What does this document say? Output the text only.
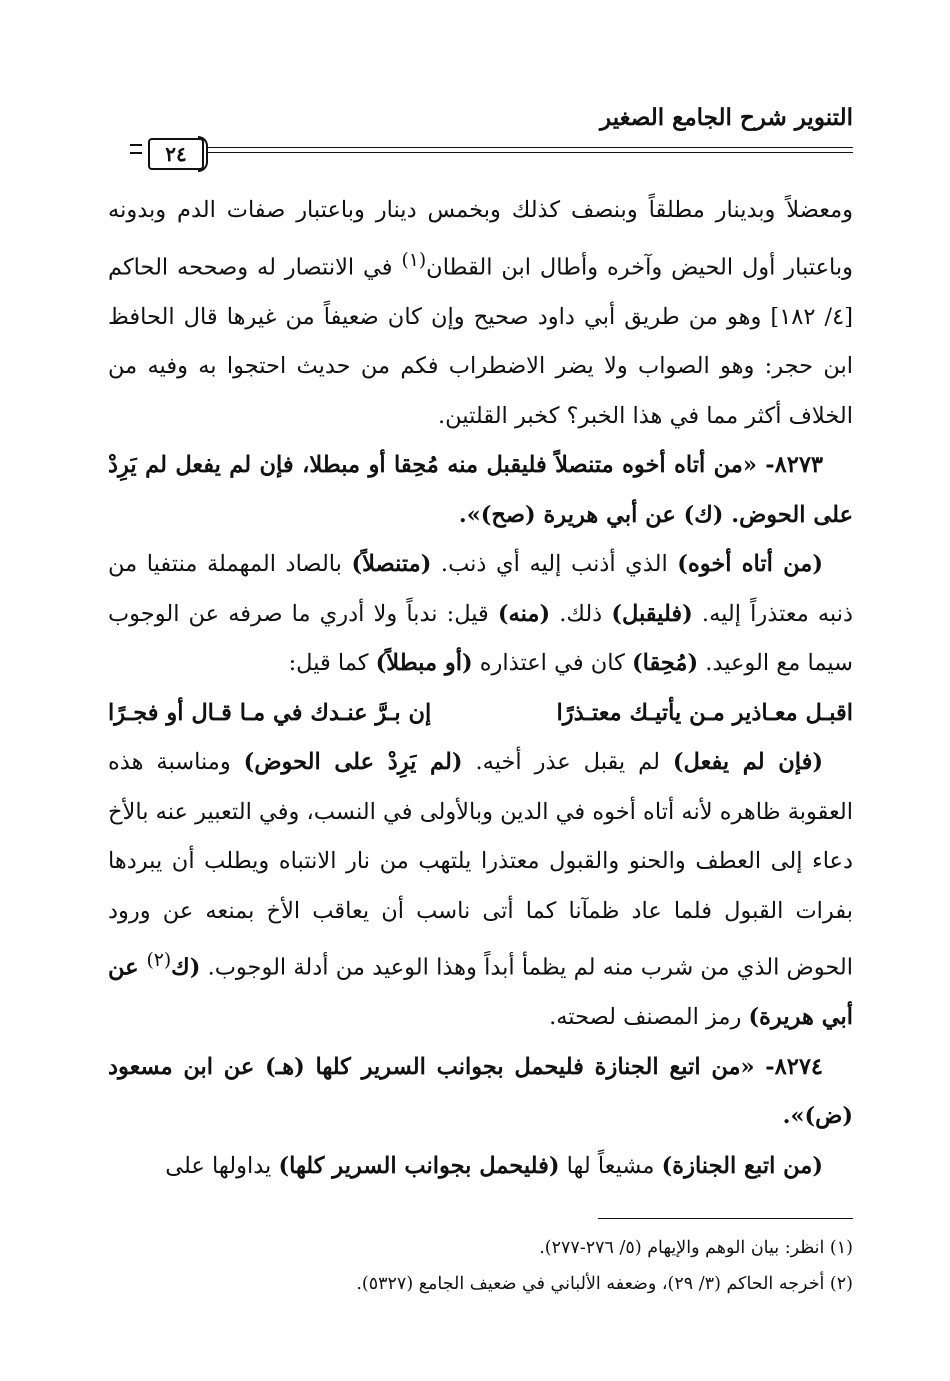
التنوير شرح الجامع الصغير
٢٤

ومعضلاً وبدينار مطلقاً وبنصف كذلك وبخمس دينار وباعتبار صفات الدم وبدونه وباعتبار أول الحيض وآخره وأطال ابن القطان$^{(١)}$ في الانتصار له وصححه الحاكم [٤/ ١٨٢] وهو من طريق أبي داود صحيح وإن كان ضعيفاً من غيرها قال الحافظ ابن حجر: وهو الصواب ولا يضر الاضطراب فكم من حديث احتجوا به وفيه من الخلاف أكثر مما في هذا الخبر؟ كخبر القلتين.

٨٢٧٣- «من أتاه أخوه متنصلاً فليقبل منه مُحِقا أو مبطلا، فإن لم يفعل لم يَرِدْ على الحوض. (ك) عن أبي هريرة (صح)».

(من أتاه أخوه) الذي أذنب إليه أي ذنب. (متنصلاً) بالصاد المهملة منتفيا من ذنبه معتذراً إليه. (فليقبل) ذلك. (منه) قيل: ندباً ولا أدري ما صرفه عن الوجوب سيما مع الوعيد. (مُحِقا) كان في اعتذاره (أو مبطلاً) كما قيل:

اقبـل معـاذير مـن يأتيـك معتـذرًا
إن بـرَّ عنـدك في مـا قـال أو فجـرًا

(فإن لم يفعل) لم يقبل عذر أخيه. (لم يَرِدْ على الحوض) ومناسبة هذه العقوبة ظاهره لأنه أتاه أخوه في الدين وبالأولى في النسب، وفي التعبير عنه بالأخ دعاء إلى العطف والحنو والقبول معتذرا يلتهب من نار الانتباه ويطلب أن يبردها بفرات القبول فلما عاد ظمآنا كما أتى ناسب أن يعاقب الأخ بمنعه عن ورود الحوض الذي من شرب منه لم يظمأ أبداً وهذا الوعيد من أدلة الوجوب. (ك$^{(٢)}$ عن أبي هريرة) رمز المصنف لصحته.

٨٢٧٤- «من اتبع الجنازة فليحمل بجوانب السرير كلها (هـ) عن ابن مسعود (ض)».

(من اتبع الجنازة) مشيعاً لها (فليحمل بجوانب السرير كلها) يداولها على

(١) انظر: بيان الوهم والإيهام (٥/ ٢٧٦-٢٧٧).

(٢) أخرجه الحاكم (٣/ ٢٩)، وضعفه الألباني في ضعيف الجامع (٥٣٢٧).
